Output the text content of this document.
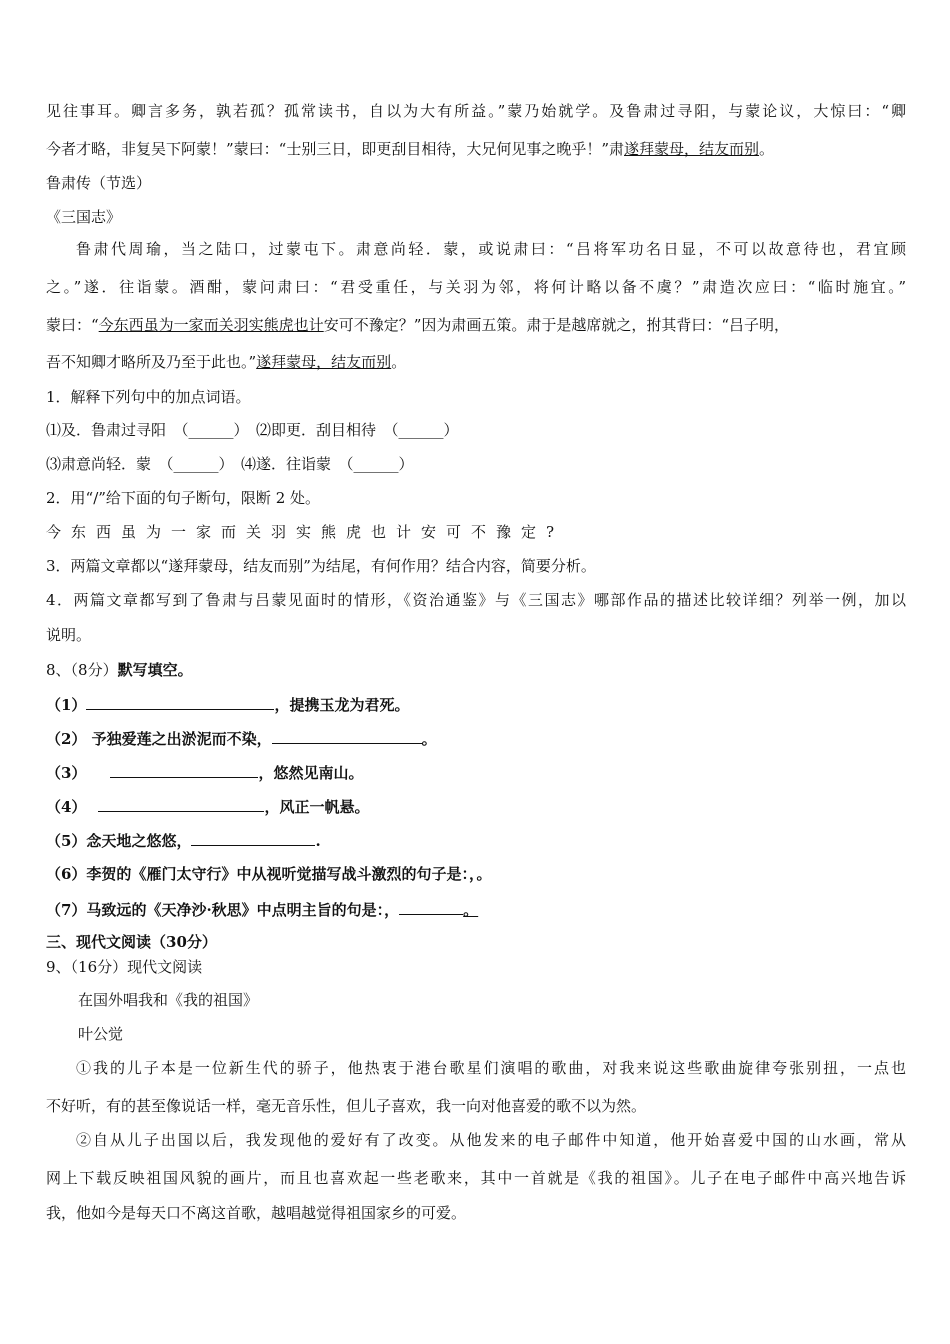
见往事耳。卿言多务，孰若孤？孤常读书，自以为大有所益。”蒙乃始就学。及鲁肃过寻阳，与蒙论议，大惊曰：“卿
今者才略，非复吴下阿蒙！”蒙曰：“士别三日，即更刮目相待，大兄何见事之晚乎！”肃遂拜蒙母，结友而别。
鲁肃传（节选）
《三国志》
鲁肃代周瑜，当之陆口，过蒙屯下。肃意尚轻．蒙，或说肃曰：“吕将军功名日显，不可以故意待也，君宜顾
之。”遂．往诣蒙。酒酣，蒙问肃曰：“君受重任，与关羽为邻，将何计略以备不虞？”肃造次应曰：“临时施宜。”
蒙曰：“今东西虽为一家而关羽实熊虎也计安可不豫定？”因为肃画五策。肃于是越席就之，拊其背曰：“吕子明，
吾不知卿才略所及乃至于此也。”遂拜蒙母，结友而别。
1．解释下列句中的加点词语。
⑴及．鲁肃过寻阳　（______）　⑵即更．刮目相待　（______）
⑶肃意尚轻．蒙　（______）　⑷遂．往诣蒙　（______）
2．用“/”给下面的句子断句，限断 2 处。
今东西虽为一家而关羽实熊虎也计安可不豫定?
3．两篇文章都以“遂拜蒙母，结友而别”为结尾，有何作用？结合内容，简要分析。
4．两篇文章都写到了鲁肃与吕蒙见面时的情形，《资治通鉴》与《三国志》哪部作品的描述比较详细？列举一例，加以
说明。
8、（8分）默写填空。
（1）	，提携玉龙为君死。
（2） 予独爱莲之出淤泥而不染，	。
（3）	，悠然见南山。
（4）	，风正一帆悬。
（5）念天地之悠悠，	.
（6）李贺的《雁门太守行》中从视听觉描写战斗激烈的句子是：，。
（7）马致远的《天净沙·秋思》中点明主旨的句是：，	。
三、现代文阅读（30分）
9、（16分）现代文阅读
在国外唱我和《我的祖国》
叶公觉
①我的儿子本是一位新生代的骄子，他热衷于港台歌星们演唱的歌曲，对我来说这些歌曲旋律夸张别扭，一点也
不好听，有的甚至像说话一样，毫无音乐性，但儿子喜欢，我一向对他喜爱的歌不以为然。
②自从儿子出国以后，我发现他的爱好有了改变。从他发来的电子邮件中知道，他开始喜爱中国的山水画，常从
网上下载反映祖国风貌的画片，而且也喜欢起一些老歌来，其中一首就是《我的祖国》。儿子在电子邮件中高兴地告诉
我，他如今是每天口不离这首歌，越唱越觉得祖国家乡的可爱。
